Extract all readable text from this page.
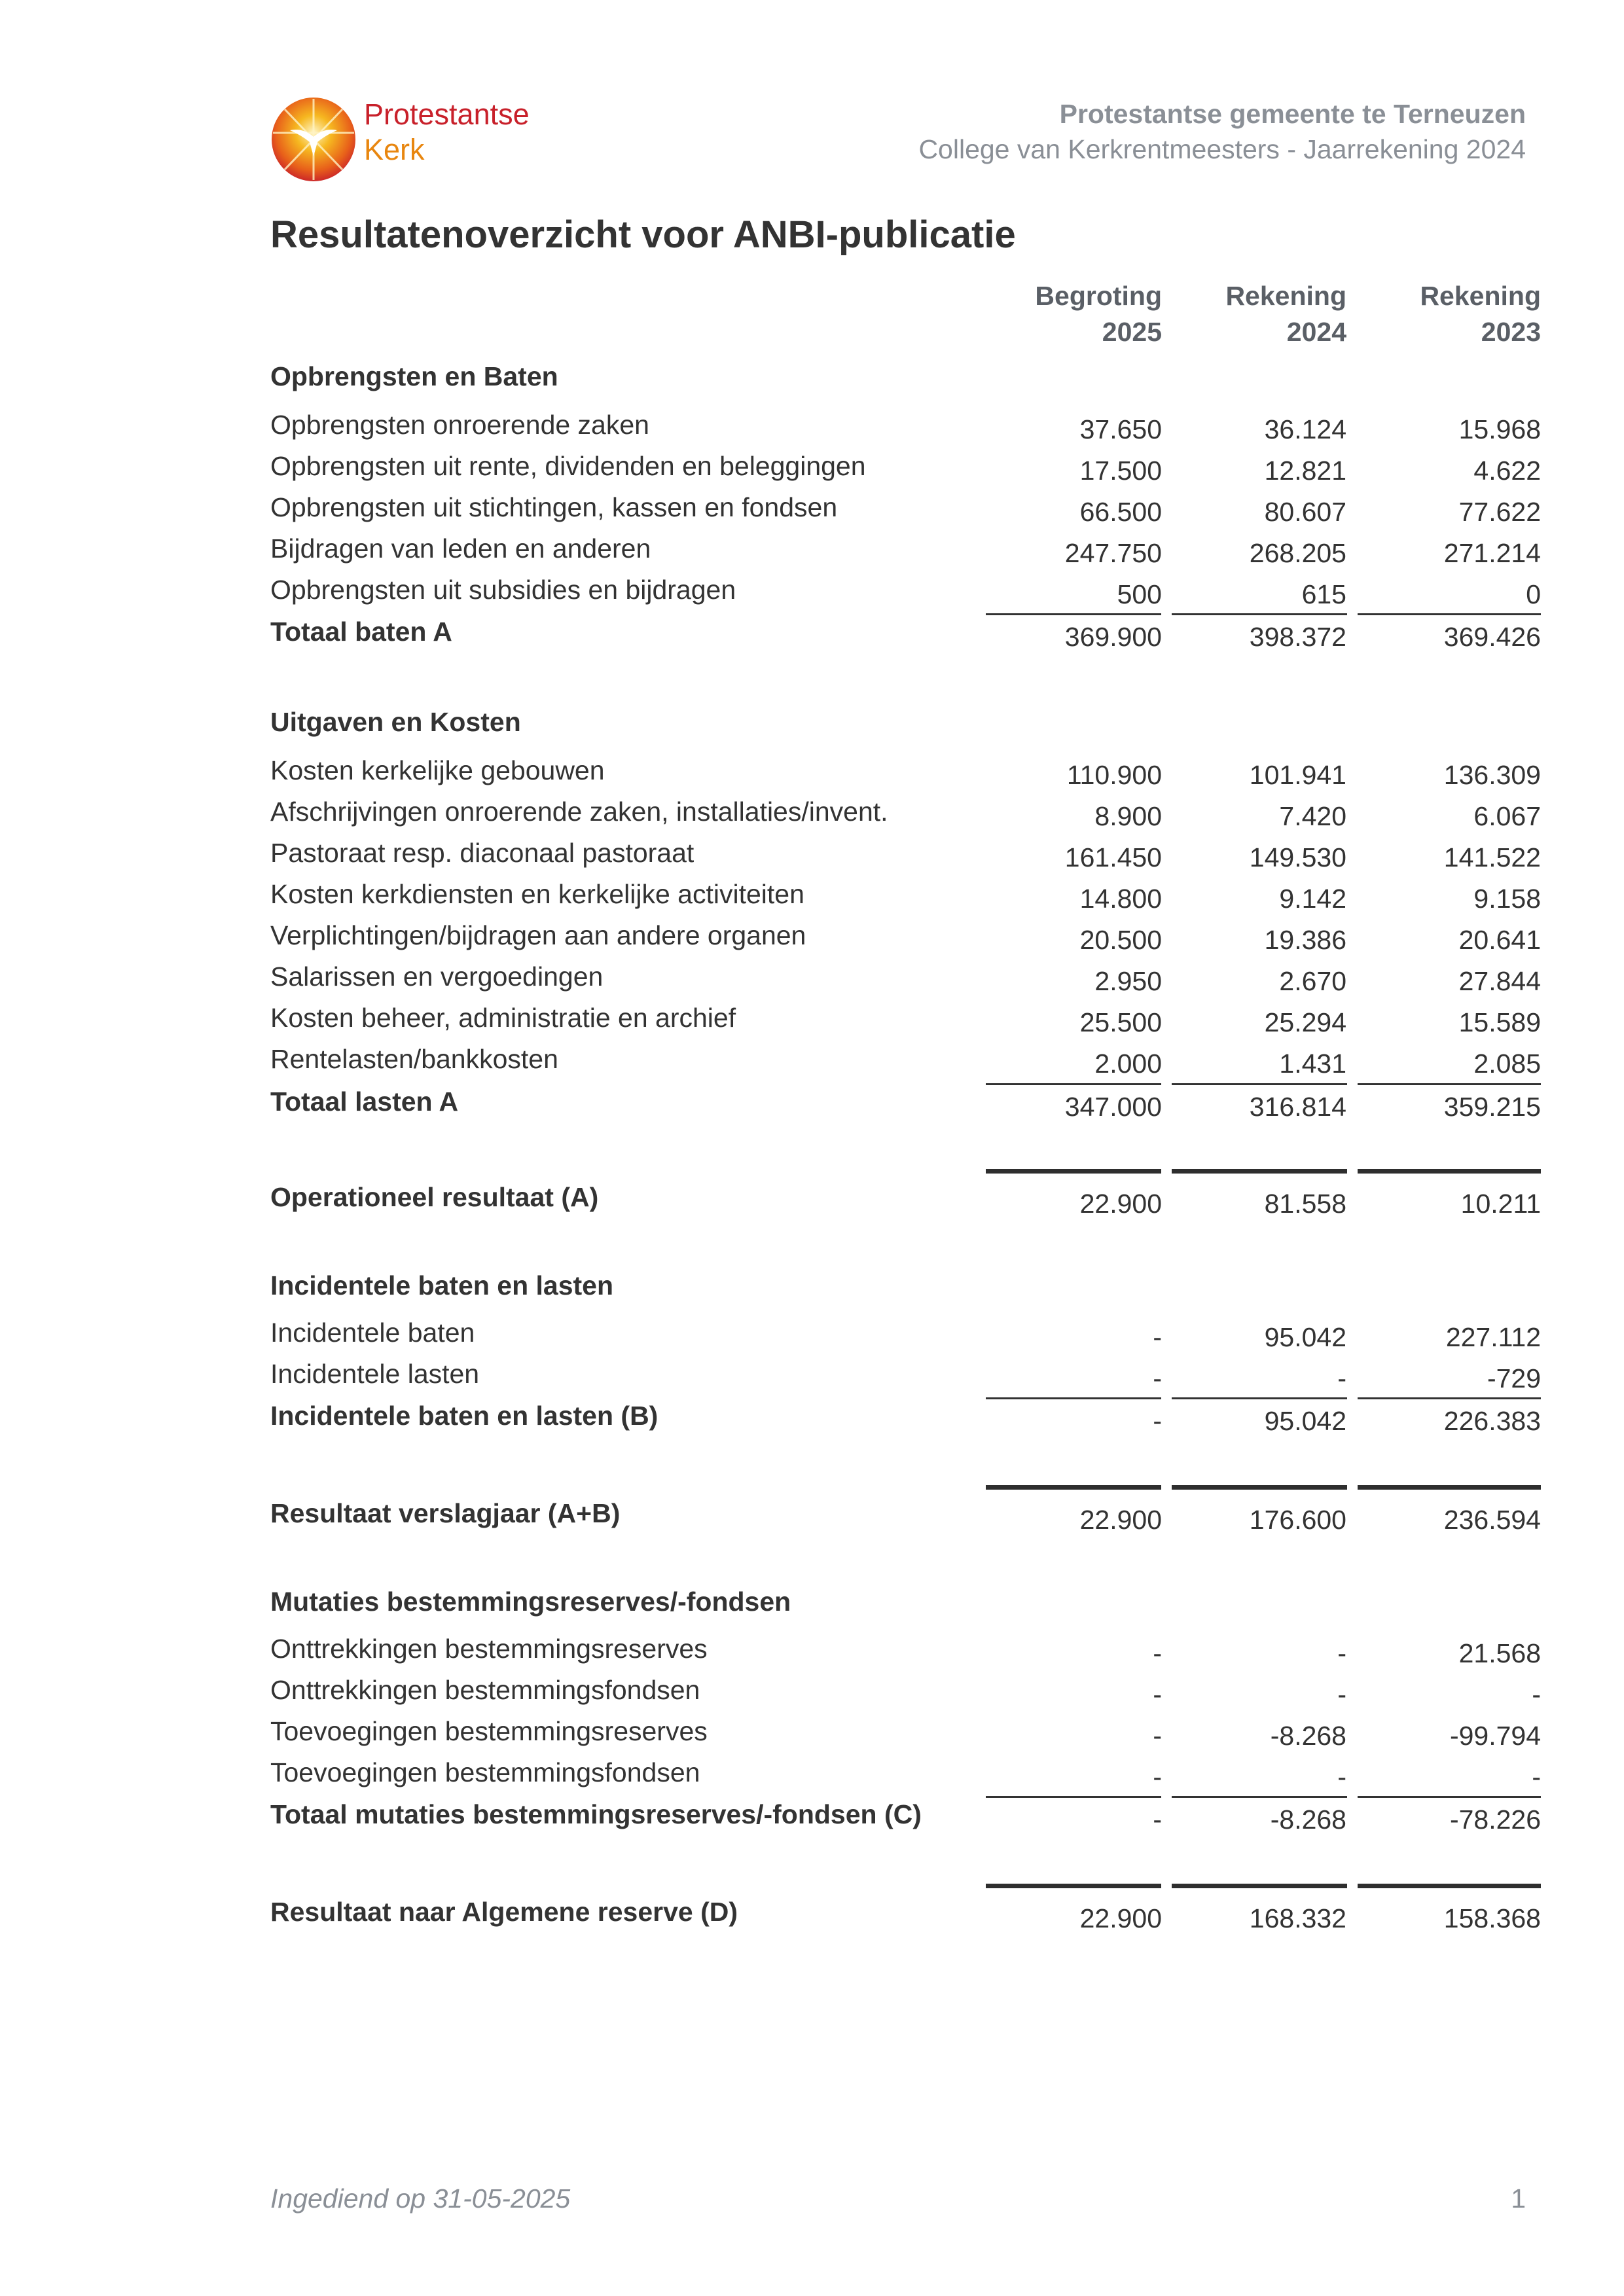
Protestantse
Kerk
Protestantse gemeente te Terneuzen
College van Kerkrentmeesters - Jaarrekening 2024
Resultatenoverzicht voor ANBI-publicatie
Begroting
2025
Rekening
2024
Rekening
2023
Opbrengsten en Baten
Opbrengsten onroerende zaken	37.650	36.124	15.968
Opbrengsten uit rente, dividenden en beleggingen	17.500	12.821	4.622
Opbrengsten uit stichtingen, kassen en fondsen	66.500	80.607	77.622
Bijdragen van leden en anderen	247.750	268.205	271.214
Opbrengsten uit subsidies en bijdragen	500	615	0
Totaal baten A	369.900	398.372	369.426
Uitgaven en Kosten
Kosten kerkelijke gebouwen	110.900	101.941	136.309
Afschrijvingen onroerende zaken, installaties/invent.	8.900	7.420	6.067
Pastoraat resp. diaconaal pastoraat	161.450	149.530	141.522
Kosten kerkdiensten en kerkelijke activiteiten	14.800	9.142	9.158
Verplichtingen/bijdragen aan andere organen	20.500	19.386	20.641
Salarissen en vergoedingen	2.950	2.670	27.844
Kosten beheer, administratie en archief	25.500	25.294	15.589
Rentelasten/bankkosten	2.000	1.431	2.085
Totaal lasten A	347.000	316.814	359.215
Operationeel resultaat (A)	22.900	81.558	10.211
Incidentele baten en lasten
Incidentele baten	-	95.042	227.112
Incidentele lasten	-	-	-729
Incidentele baten en lasten (B)	-	95.042	226.383
Resultaat verslagjaar (A+B)	22.900	176.600	236.594
Mutaties bestemmingsreserves/-fondsen
Onttrekkingen bestemmingsreserves	-	-	21.568
Onttrekkingen bestemmingsfondsen	-	-	-
Toevoegingen bestemmingsreserves	-	-8.268	-99.794
Toevoegingen bestemmingsfondsen	-	-	-
Totaal mutaties bestemmingsreserves/-fondsen (C)	-	-8.268	-78.226
Resultaat naar Algemene reserve (D)	22.900	168.332	158.368
Ingediend op 31-05-2025	1
